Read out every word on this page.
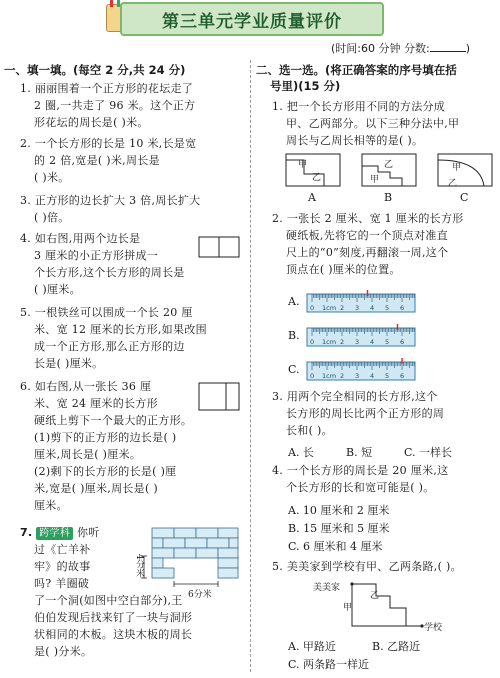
第三单元学业质量评价
(时间:60 分钟 分数:	)
一、填一填。(每空 2 分,共 24 分)
1. 丽丽围着一个正方形的花坛走了
2 圈,一共走了 96 米。这个正方
形花坛的周长是( )米。
2. 一个长方形的长是 10 米,长是宽
的 2 倍,宽是( )米,周长是
( )米。
3. 正方形的边长扩大 3 倍,周长扩大
( )倍。
4. 如右图,用两个边长是
3 厘米的小正方形拼成一
个长方形,这个长方形的周长是
( )厘米。
5. 一根铁丝可以围成一个长 20 厘
米、宽 12 厘米的长方形,如果改围
成一个正方形,那么正方形的边
长是( )厘米。
6. 如右图,从一张长 36 厘
米、宽 24 厘米的长方形
硬纸上剪下一个最大的正方形。
(1)剪下的正方形的边长是( )
厘米,周长是( )厘米。
(2)剩下的长方形的长是( )厘
米,宽是( )厘米,周长是( )
厘米。
7. 跨学科 你听
过《亡羊补
牢》的故事
吗? 羊圈破
了一个洞(如图中空白部分),王
伯伯发现后找来钉了一块与洞形
状相同的木板。这块木板的周长
是( )分米。
4分米
6分米
二、选一选。(将正确答案的序号填在括
号里)(15 分)
1. 把一个长方形用不同的方法分成
甲、乙两部分。以下三种分法中,甲
周长与乙周长相等的是( )。
甲
乙
乙
甲
甲
乙
A	B	C
2. 一张长 2 厘米、宽 1 厘米的长方形
硬纸板,先将它的一个顶点对准直
尺上的“0”刻度,再翻滚一周,这个
顶点在( )厘米的位置。
A. 0 1cm 2 3 4 5 6
B. 0 1cm 2 3 4 5 6
C. 0 1cm 2 3 4 5 6
3. 用两个完全相同的长方形,这个
长方形的周长比两个正方形的周
长和( )。
A. 长	B. 短	C. 一样长
4. 一个长方形的周长是 20 厘米,这
个长方形的长和宽可能是( )。
A. 10 厘米和 2 厘米
B. 15 厘米和 5 厘米
C. 6 厘米和 4 厘米
5. 美美家到学校有甲、乙两条路,( )。
美美家
甲
乙
学校
A. 甲路近	B. 乙路近
C. 两条路一样近
